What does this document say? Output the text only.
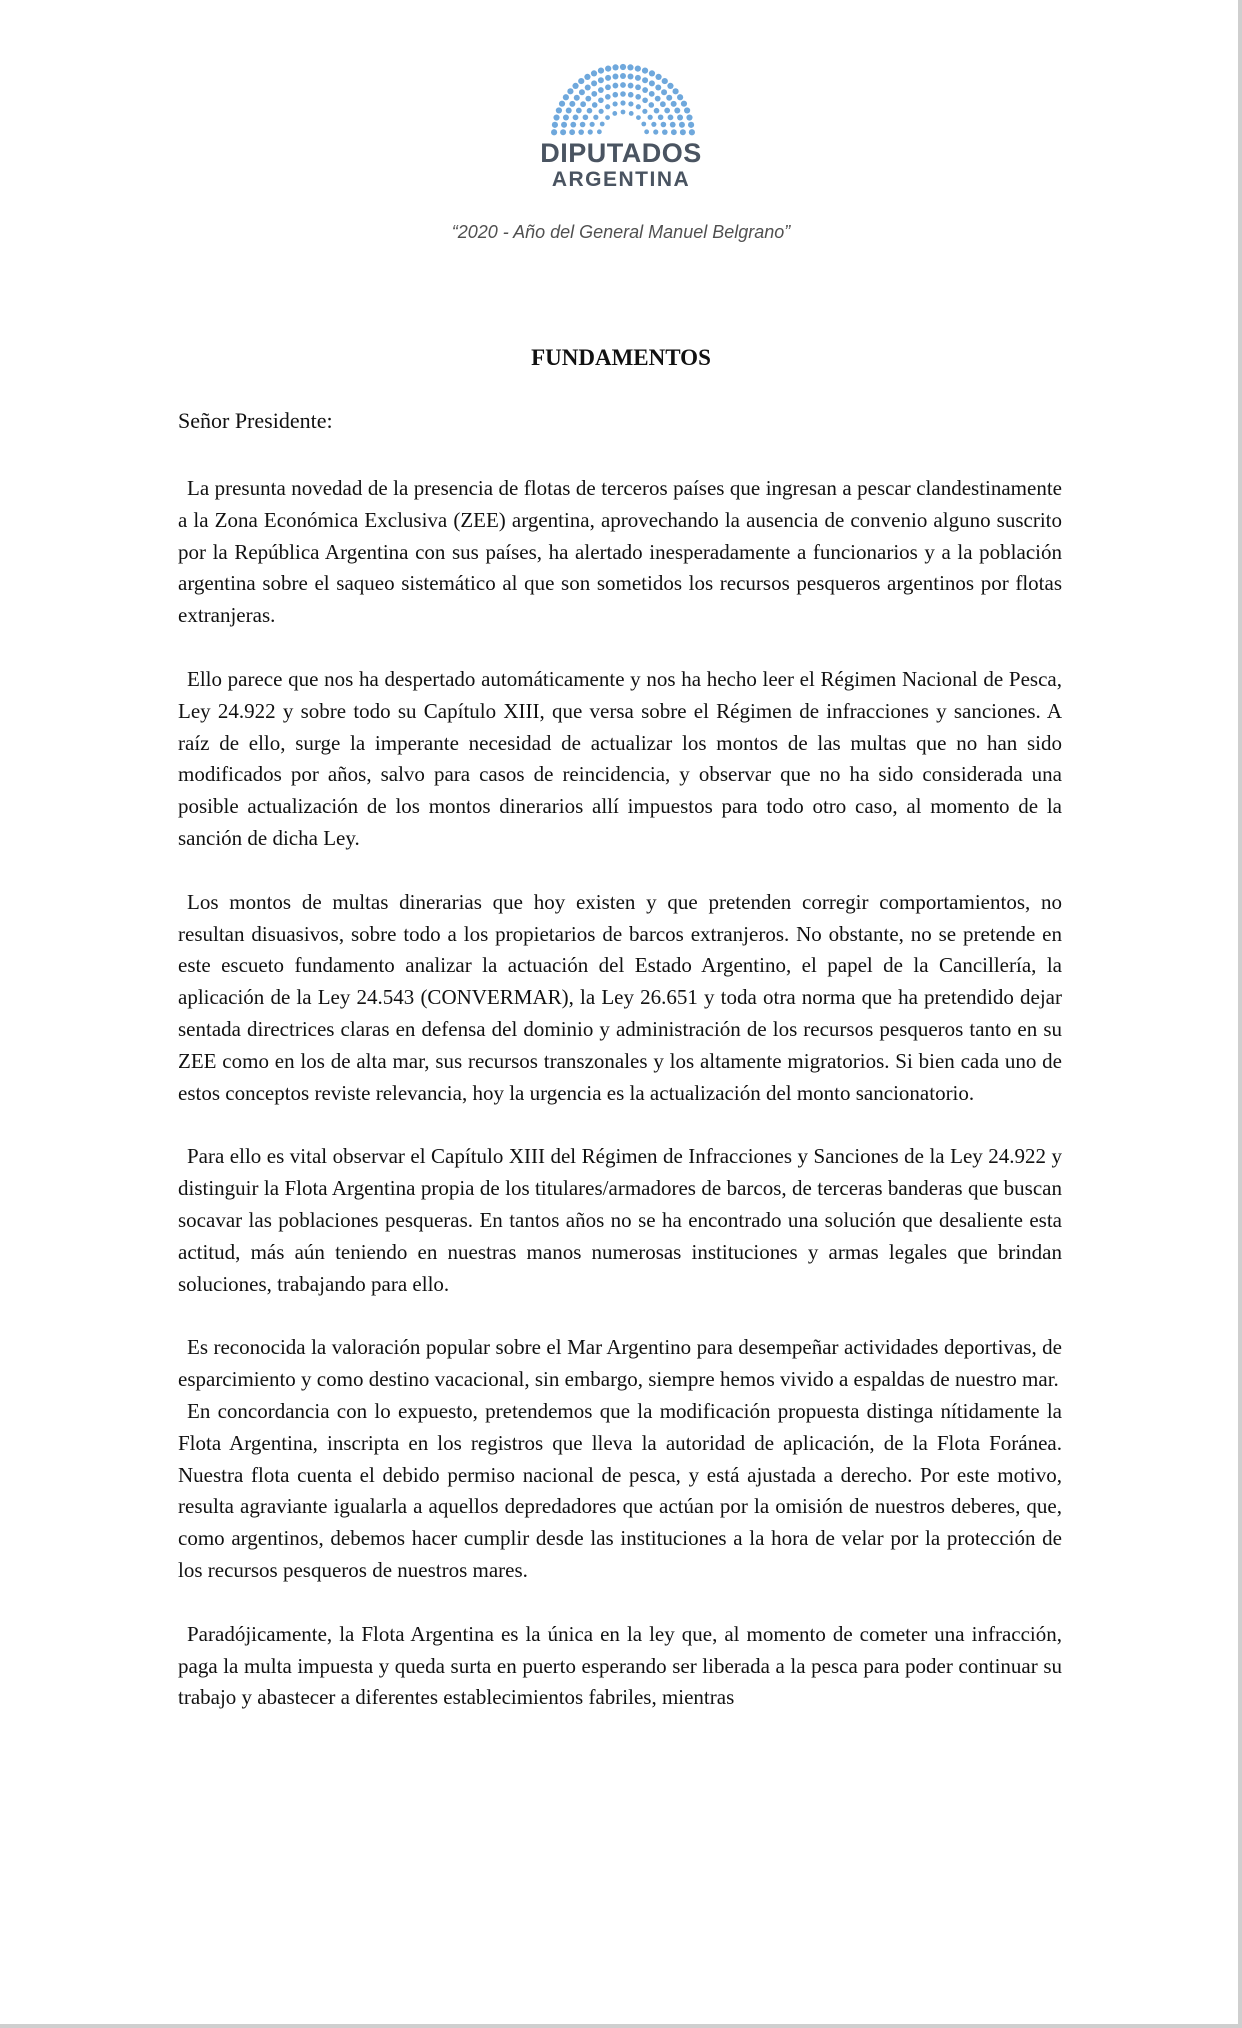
DIPUTADOS
ARGENTINA
“2020 - Año del General Manuel Belgrano”
FUNDAMENTOS
Señor Presidente:

La presunta novedad de la presencia de flotas de terceros países que ingresan a pescar clandestinamente a la Zona Económica Exclusiva (ZEE) argentina, aprovechando la ausencia de convenio alguno suscrito por la República Argentina con sus países, ha alertado inesperadamente a funcionarios y a la población argentina sobre el saqueo sistemático al que son sometidos los recursos pesqueros argentinos por flotas extranjeras.

Ello parece que nos ha despertado automáticamente y nos ha hecho leer el Régimen Nacional de Pesca, Ley 24.922 y sobre todo su Capítulo XIII, que versa sobre el Régimen de infracciones y sanciones. A raíz de ello, surge la imperante necesidad de actualizar los montos de las multas que no han sido modificados por años, salvo para casos de reincidencia, y observar que no ha sido considerada una posible actualización de los montos dinerarios allí impuestos para todo otro caso, al momento de la sanción de dicha Ley.

Los montos de multas dinerarias que hoy existen y que pretenden corregir comportamientos, no resultan disuasivos, sobre todo a los propietarios de barcos extranjeros. No obstante, no se pretende en este escueto fundamento analizar la actuación del Estado Argentino, el papel de la Cancillería, la aplicación de la Ley 24.543 (CONVERMAR), la Ley 26.651 y toda otra norma que ha pretendido dejar sentada directrices claras en defensa del dominio y administración de los recursos pesqueros tanto en su ZEE como en los de alta mar, sus recursos transzonales y los altamente migratorios. Si bien cada uno de estos conceptos reviste relevancia, hoy la urgencia es la actualización del monto sancionatorio.

Para ello es vital observar el Capítulo XIII del Régimen de Infracciones y Sanciones de la Ley 24.922 y distinguir la Flota Argentina propia de los titulares/armadores de barcos, de terceras banderas que buscan socavar las poblaciones pesqueras. En tantos años no se ha encontrado una solución que desaliente esta actitud, más aún teniendo en nuestras manos numerosas instituciones y armas legales que brindan soluciones, trabajando para ello.

Es reconocida la valoración popular sobre el Mar Argentino para desempeñar actividades deportivas, de esparcimiento y como destino vacacional, sin embargo, siempre hemos vivido a espaldas de nuestro mar.

En concordancia con lo expuesto, pretendemos que la modificación propuesta distinga nítidamente la Flota Argentina, inscripta en los registros que lleva la autoridad de aplicación, de la Flota Foránea. Nuestra flota cuenta el debido permiso nacional de pesca, y está ajustada a derecho. Por este motivo, resulta agraviante igualarla a aquellos depredadores que actúan por la omisión de nuestros deberes, que, como argentinos, debemos hacer cumplir desde las instituciones a la hora de velar por la protección de los recursos pesqueros de nuestros mares.

Paradójicamente, la Flota Argentina es la única en la ley que, al momento de cometer una infracción, paga la multa impuesta y queda surta en puerto esperando ser liberada a la pesca para poder continuar su trabajo y abastecer a diferentes establecimientos fabriles, mientras
